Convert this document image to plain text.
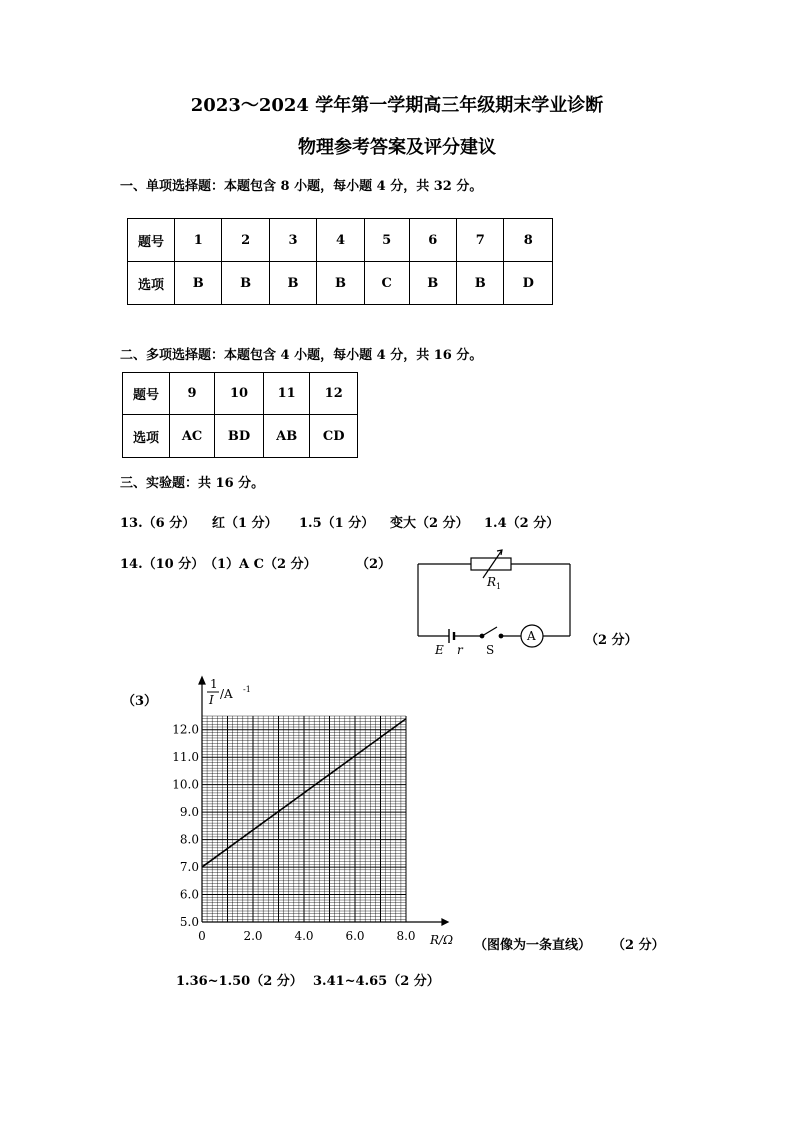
2023～2024 学年第一学期高三年级期末学业诊断
物理参考答案及评分建议
一、单项选择题：本题包含 8 小题，每小题 4 分，共 32 分。
题号	1	2	3	4	5	6	7	8
选项	B	B	B	B	C	B	B	D
二、多项选择题：本题包含 4 小题，每小题 4 分，共 16 分。
题号	9	10	11	12
选项	AC	BD	AB	CD
三、实验题：共 16 分。
13.（6 分） 红（1 分） 1.5（1 分） 变大（2 分） 1.4（2 分）
14.（10 分） （1）A C（2 分）	（2）
R 1
E r S
A	（2 分）
（3）
0	2.0	4.0	6.0	8.0
5.0
6.0
7.0
8.0
9.0
10.0
11.0
12.0
1
I /A -1
R/Ω （图像为一条直线） （2 分）
1.36~1.50（2 分） 3.41~4.65（2 分）
